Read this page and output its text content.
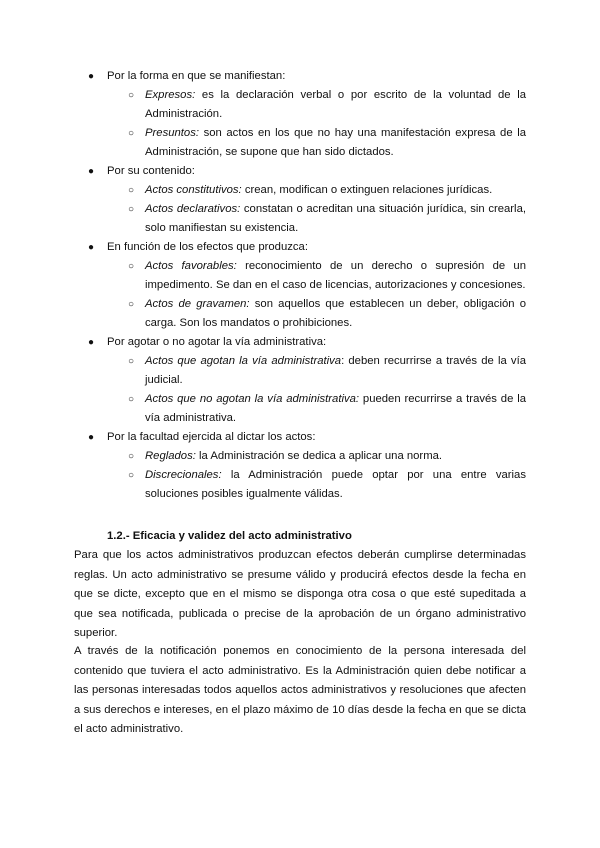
● Por la forma en que se manifiestan:
○ Expresos: es la declaración verbal o por escrito de la voluntad de la Administración.
○ Presuntos: son actos en los que no hay una manifestación expresa de la Administración, se supone que han sido dictados.
● Por su contenido:
○ Actos constitutivos: crean, modifican o extinguen relaciones jurídicas.
○ Actos declarativos: constatan o acreditan una situación jurídica, sin crearla, solo manifiestan su existencia.
● En función de los efectos que produzca:
○ Actos favorables: reconocimiento de un derecho o supresión de un impedimento. Se dan en el caso de licencias, autorizaciones y concesiones.
○ Actos de gravamen: son aquellos que establecen un deber, obligación o carga. Son los mandatos o prohibiciones.
● Por agotar o no agotar la vía administrativa:
○ Actos que agotan la vía administrativa: deben recurrirse a través de la vía judicial.
○ Actos que no agotan la vía administrativa: pueden recurrirse a través de la vía administrativa.
● Por la facultad ejercida al dictar los actos:
○ Reglados: la Administración se dedica a aplicar una norma.
○ Discrecionales: la Administración puede optar por una entre varias soluciones posibles igualmente válidas.
1.2.- Eficacia y validez del acto administrativo

Para que los actos administrativos produzcan efectos deberán cumplirse determinadas reglas. Un acto administrativo se presume válido y producirá efectos desde la fecha en que se dicte, excepto que en el mismo se disponga otra cosa o que esté supeditada a que sea notificada, publicada o precise de la aprobación de un órgano administrativo superior.

A través de la notificación ponemos en conocimiento de la persona interesada del contenido que tuviera el acto administrativo. Es la Administración quien debe notificar a las personas interesadas todos aquellos actos administrativos y resoluciones que afecten a sus derechos e intereses, en el plazo máximo de 10 días desde la fecha en que se dicta el acto administrativo.
